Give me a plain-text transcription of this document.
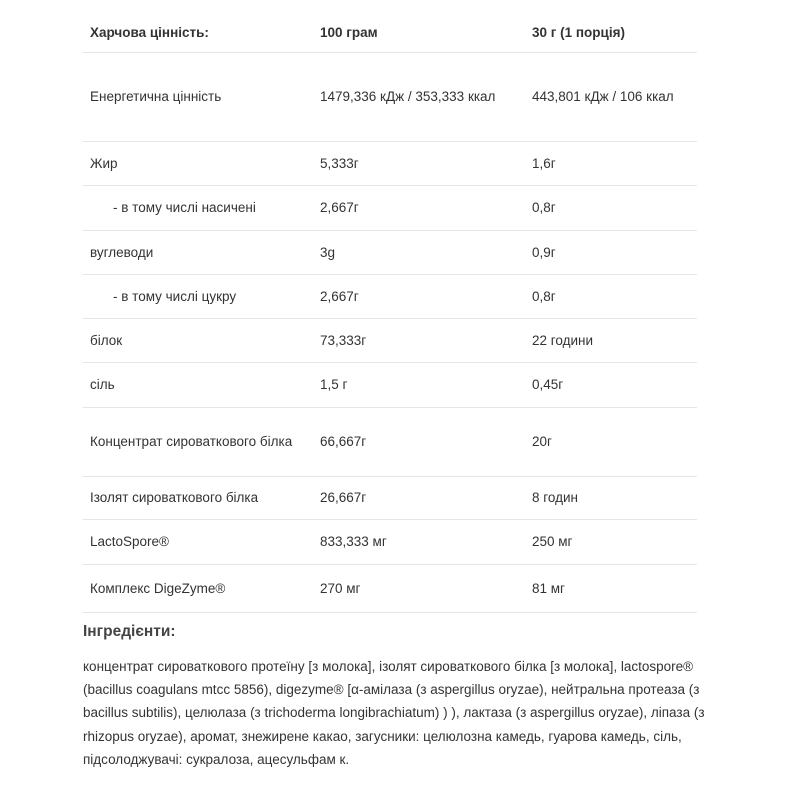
Харчова цінність:	100 грам	30 г (1 порція)
Енергетична цінність	1479,336 кДж / 353,333 ккал	443,801 кДж / 106 ккал
Жир	5,333г	1,6г
- в тому числі насичені	2,667г	0,8г
вуглеводи	3g	0,9г
- в тому числі цукру	2,667г	0,8г
білок	73,333г	22 години
сіль	1,5 г	0,45г
Концентрат сироваткового білка	66,667г	20г
Ізолят сироваткового білка	26,667г	8 годин
LactoSpore®	833,333 мг	250 мг
Комплекс DigeZyme®	270 мг	81 мг
Інгредієнти:
концентрат сироваткового протеїну [з молока], ізолят сироваткового білка [з молока], lactospore® (bacillus coagulans mtcc 5856), digezyme® [α-амілаза (з aspergillus oryzae), нейтральна протеаза (з bacillus subtilis), целюлаза (з trichoderma longibrachiatum) ) ), лактаза (з aspergillus oryzae), ліпаза (з rhizopus oryzae), аромат, знежирене какао, загусники: целюлозна камедь, гуарова камедь, сіль, підсолоджувачі: сукралоза, ацесульфам к.
